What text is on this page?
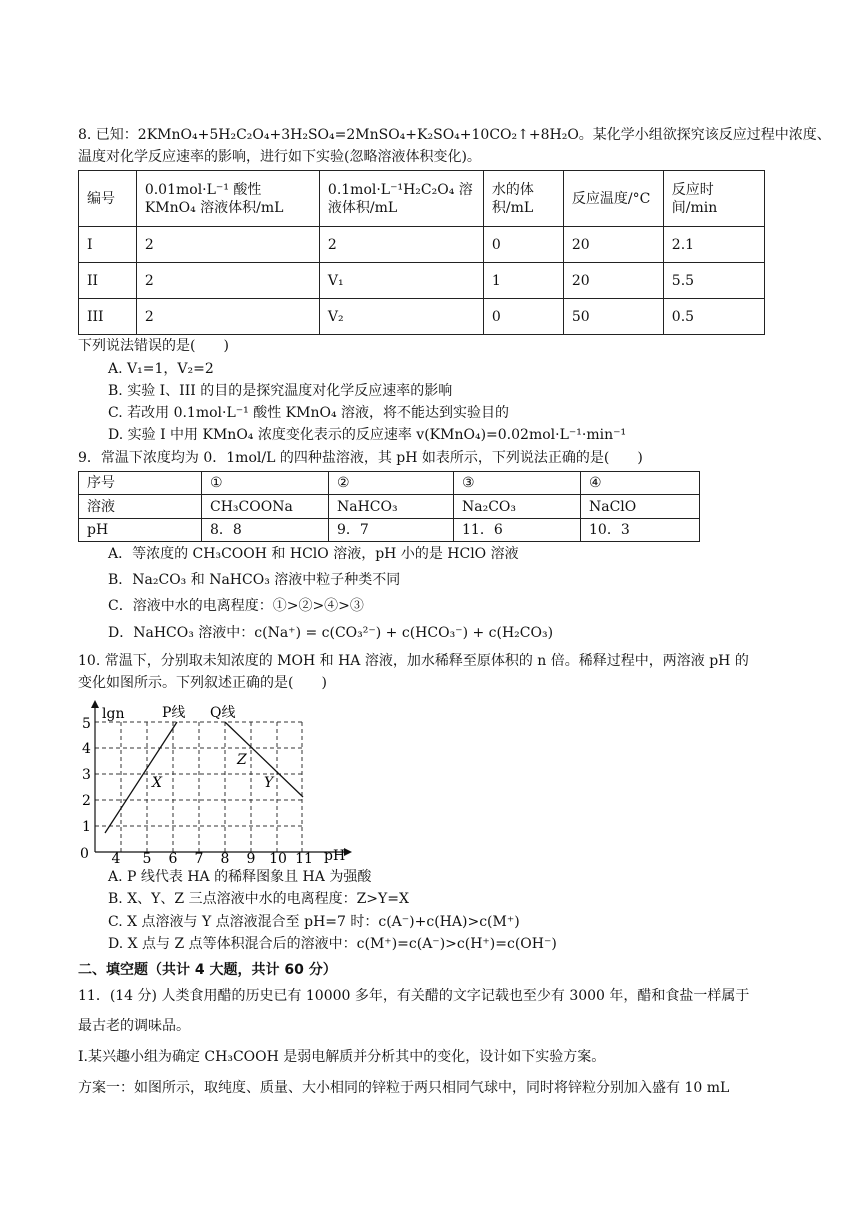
8. 已知：2KMnO₄+5H₂C₂O₄+3H₂SO₄=2MnSO₄+K₂SO₄+10CO₂↑+8H₂O。某化学小组欲探究该反应过程中浓度、
温度对化学反应速率的影响，进行如下实验(忽略溶液体积变化)。
编号	0.01mol·L⁻¹ 酸性 KMnO₄ 溶液体积/mL	0.1mol·L⁻¹H₂C₂O₄ 溶液体积/mL	水的体积/mL	反应温度/°C	反应时间/min
I	2	2	0	20	2.1
II	2	V₁	1	20	5.5
III	2	V₂	0	50	0.5
下列说法错误的是(　　)
A. V₁=1，V₂=2
B. 实验 I、III 的目的是探究温度对化学反应速率的影响
C. 若改用 0.1mol·L⁻¹ 酸性 KMnO₄ 溶液，将不能达到实验目的
D. 实验 I 中用 KMnO₄ 浓度变化表示的反应速率 v(KMnO₄)=0.02mol·L⁻¹·min⁻¹
9．常温下浓度均为 0．1mol/L 的四种盐溶液，其 pH 如表所示，下列说法正确的是(　　)
序号	①	②	③	④
溶液	CH₃COONa	NaHCO₃	Na₂CO₃	NaClO
pH	8．8	9．7	11．6	10．3
A．等浓度的 CH₃COOH 和 HClO 溶液，pH 小的是 HClO 溶液
B．Na₂CO₃ 和 NaHCO₃ 溶液中粒子种类不同
C．溶液中水的电离程度：①>②>④>③
D．NaHCO₃ 溶液中：c(Na⁺) = c(CO₃²⁻) + c(HCO₃⁻) + c(H₂CO₃)
10. 常温下，分别取未知浓度的 MOH 和 HA 溶液，加水稀释至原体积的 n 倍。稀释过程中，两溶液 pH 的
变化如图所示。下列叙述正确的是(　　)
lgn
pH
0 4 5 6 7 8 9 10 11
1
2
3
4
5
P线 Q线
X	Y
Z
A. P 线代表 HA 的稀释图象且 HA 为强酸
B. X、Y、Z 三点溶液中水的电离程度：Z>Y=X
C. X 点溶液与 Y 点溶液混合至 pH=7 时：c(A⁻)+c(HA)>c(M⁺)
D. X 点与 Z 点等体积混合后的溶液中：c(M⁺)=c(A⁻)>c(H⁺)=c(OH⁻)
二、填空题（共计 4 大题，共计 60 分）
11．(14 分) 人类食用醋的历史已有 10000 多年，有关醋的文字记载也至少有 3000 年，醋和食盐一样属于
最古老的调味品。
Ⅰ.某兴趣小组为确定 CH₃COOH 是弱电解质并分析其中的变化，设计如下实验方案。
方案一：如图所示，取纯度、质量、大小相同的锌粒于两只相同气球中，同时将锌粒分别加入盛有 10 mL
